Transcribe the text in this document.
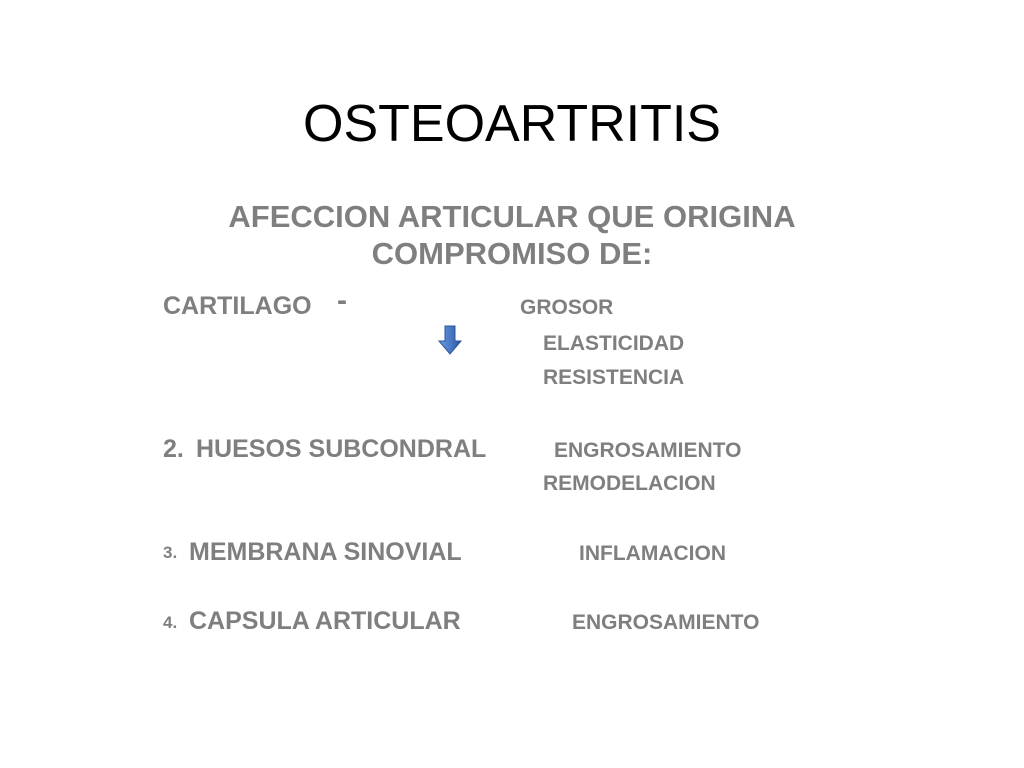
OSTEOARTRITIS
AFECCION ARTICULAR QUE ORIGINA
COMPROMISO DE:
CARTILAGO -	GROSOR
ELASTICIDAD
RESISTENCIA
2. HUESOS SUBCONDRAL	ENGROSAMIENTO
REMODELACION
3. MEMBRANA SINOVIAL	INFLAMACION
4. CAPSULA ARTICULAR	ENGROSAMIENTO
